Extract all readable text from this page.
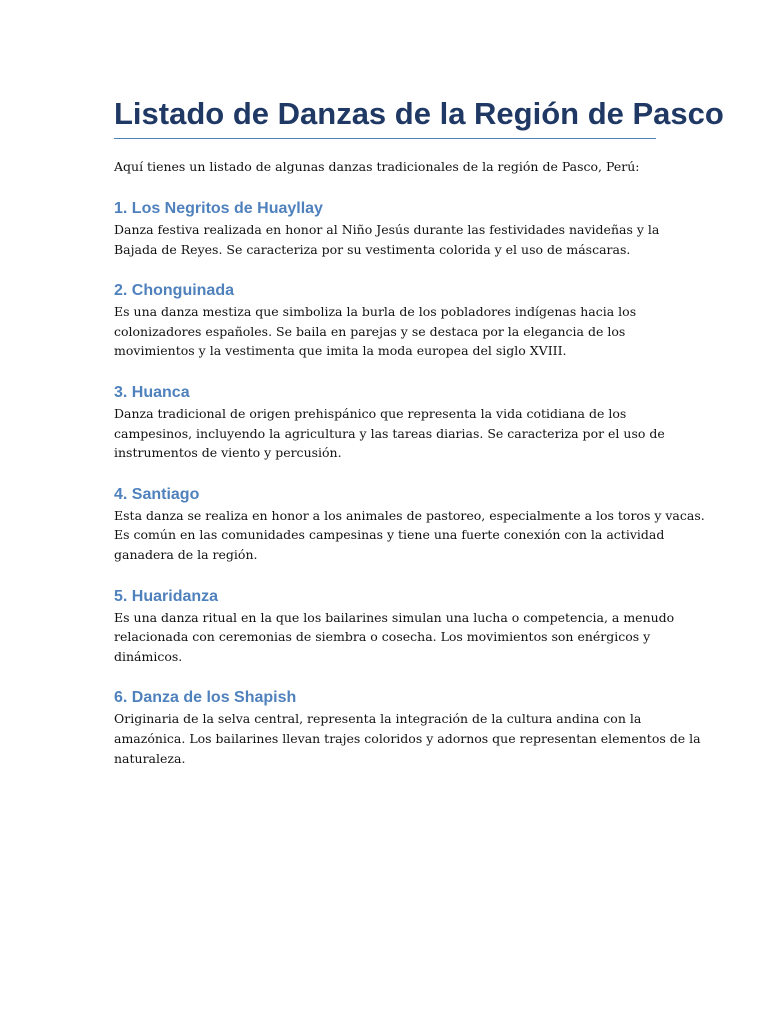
Listado de Danzas de la Región de Pasco

Aquí tienes un listado de algunas danzas tradicionales de la región de Pasco, Perú:

1. Los Negritos de Huayllay

Danza festiva realizada en honor al Niño Jesús durante las festividades navideñas y la
Bajada de Reyes. Se caracteriza por su vestimenta colorida y el uso de máscaras.

2. Chonguinada

Es una danza mestiza que simboliza la burla de los pobladores indígenas hacia los
colonizadores españoles. Se baila en parejas y se destaca por la elegancia de los
movimientos y la vestimenta que imita la moda europea del siglo XVIII.

3. Huanca

Danza tradicional de origen prehispánico que representa la vida cotidiana de los
campesinos, incluyendo la agricultura y las tareas diarias. Se caracteriza por el uso de
instrumentos de viento y percusión.

4. Santiago

Esta danza se realiza en honor a los animales de pastoreo, especialmente a los toros y vacas.
Es común en las comunidades campesinas y tiene una fuerte conexión con la actividad
ganadera de la región.

5. Huaridanza

Es una danza ritual en la que los bailarines simulan una lucha o competencia, a menudo
relacionada con ceremonias de siembra o cosecha. Los movimientos son enérgicos y
dinámicos.

6. Danza de los Shapish

Originaria de la selva central, representa la integración de la cultura andina con la
amazónica. Los bailarines llevan trajes coloridos y adornos que representan elementos de la
naturaleza.
